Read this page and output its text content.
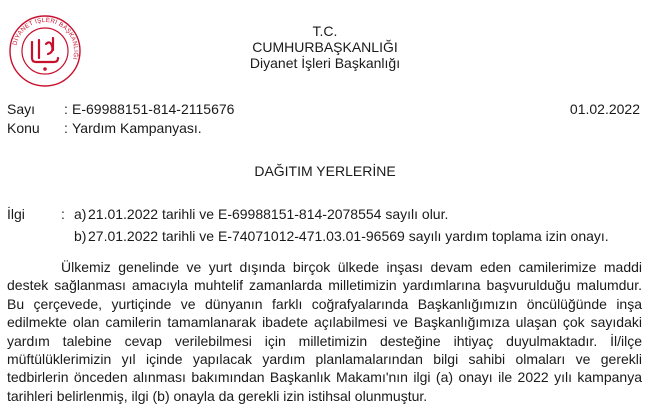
DİYANET İŞLERİ BAŞKANLIĞI
T.C.
CUMHURBAŞKANLIĞI
Diyanet İşleri Başkanlığı
Sayı : E-69988151-814-2115676	01.02.2022
Konu : Yardım Kampanyası.
DAĞITIM YERLERİNE
İlgi	: a) 21.01.2022 tarihli ve E-69988151-814-2078554 sayılı olur.
b) 27.01.2022 tarihli ve E-74071012-471.03.01-96569 sayılı yardım toplama izin onayı.

Ülkemiz genelinde ve yurt dışında birçok ülkede inşası devam eden camilerimize maddi destek sağlanması amacıyla muhtelif zamanlarda milletimizin yardımlarına başvurulduğu malumdur. Bu çerçevede, yurtiçinde ve dünyanın farklı coğrafyalarında Başkanlığımızın öncülüğünde inşa edilmekte olan camilerin tamamlanarak ibadete açılabilmesi ve Başkanlığımıza ulaşan çok sayıdaki yardım talebine cevap verilebilmesi için milletimizin desteğine ihtiyaç duyulmaktadır. İl/ilçe müftülüklerimizin yıl içinde yapılacak yardım planlamalarından bilgi sahibi olmaları ve gerekli tedbirlerin önceden alınması bakımından Başkanlık Makamı'nın ilgi (a) onayı ile 2022 yılı kampanya tarihleri belirlenmiş, ilgi (b) onayla da gerekli izin istihsal olunmuştur.
